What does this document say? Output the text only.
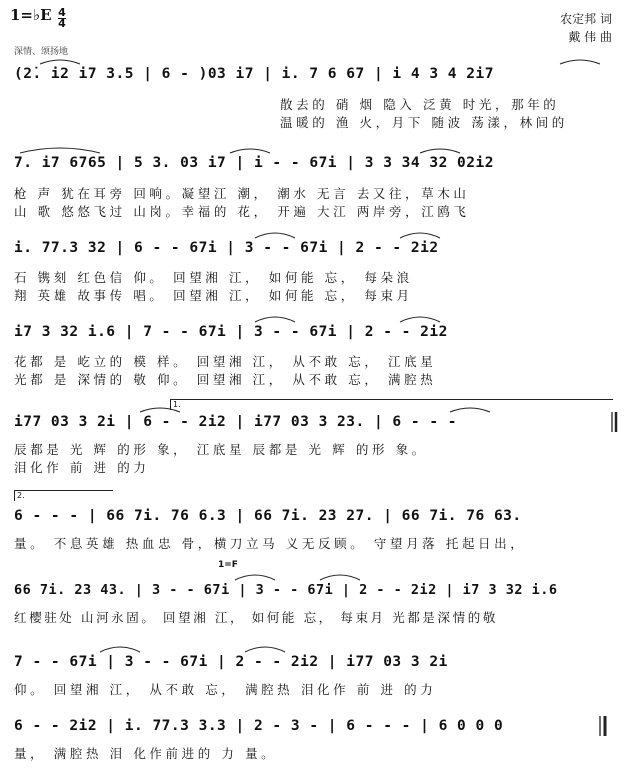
1=♭E 4
4
深情、颂扬地
农定邦 词
戴 伟 曲
(2̇. i2 i7 3.5 | 6 - )03 i7 | i. 7 6 67 | i 4 3 4 2i7
散去的 硝 烟 隐入 泛黄 时光，那年的
温暖的 渔 火，月下 随波 荡漾，林间的
7. i7 6765 | 5 3. 03 i7 | i - - 67i | 3 3 34 32 02i2
枪 声 犹在耳旁 回响。凝望江 潮， 潮水 无言 去又往，草木山
山 歌 悠悠飞过 山岗。幸福的 花， 开遍 大江 两岸旁，江鸥飞
i. 77.3 32 | 6 - - 67i | 3 - - 67i | 2 - - 2i2
石 镌刻 红色信 仰。 回望湘 江， 如何能 忘， 每朵浪
翔 英雄 故事传 唱。 回望湘 江， 如何能 忘， 每束月
i7 3 32 i.6 | 7 - - 67i | 3 - - 67i | 2 - - 2i2
花都 是 屹立的 模 样。 回望湘 江， 从不敢 忘， 江底星
光都 是 深情的 敬 仰。 回望湘 江， 从不敢 忘， 满腔热
1.
i77 03 3 2i | 6 - - 2i2 | i77 03 3 23. | 6 - - -
辰都是 光 辉 的形 象， 江底星 辰都是 光 辉 的形 象。
泪化作 前 进 的力
2.
6 - - - | 66 7i. 76 6.3 | 66 7i. 23 27. | 66 7i. 76 63.
量。 不息英雄 热血忠 骨，横刀立马 义无反顾。 守望月落 托起日出，
1=F
66 7i. 23 43. | 3 - - 67i | 3 - - 67i | 2 - - 2i2 | i7 3 32 i.6
红樱驻处 山河永固。 回望湘 江， 如何能 忘， 每束月 光都是深情的敬
7 - - 67i | 3 - - 67i | 2 - - 2i2 | i77 03 3 2i
仰。 回望湘 江， 从不敢 忘， 满腔热 泪化作 前 进 的力
6 - - 2i2 | i. 77.3 3.3 | 2 - 3 - | 6 - - - | 6 0 0 0
量， 满腔热 泪 化作前进的 力 量。
